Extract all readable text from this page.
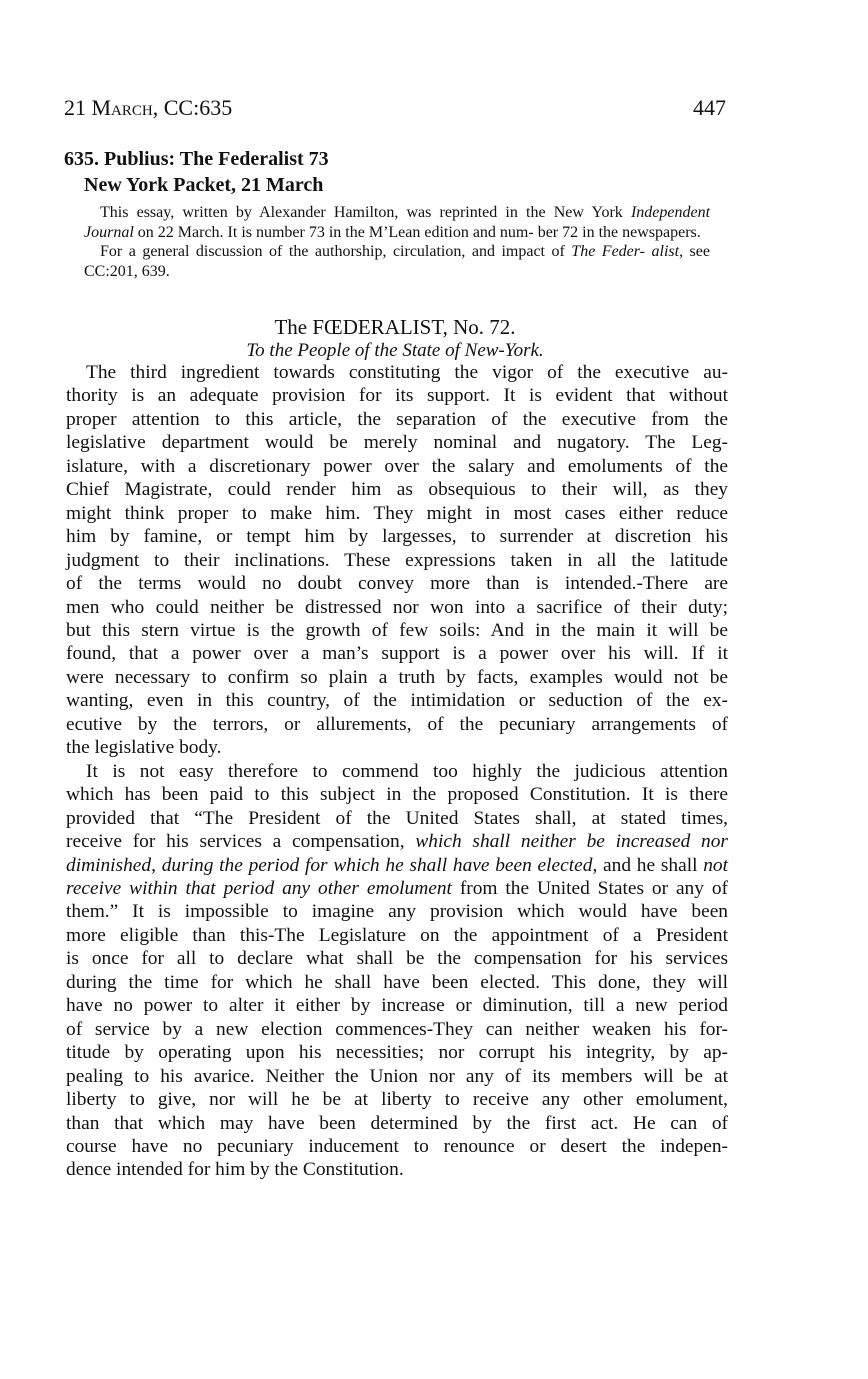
21 March, CC:635	447
635. Publius: The Federalist 73
New York Packet, 21 March

This essay, written by Alexander Hamilton, was reprinted in the New York Independent Journal on 22 March. It is number 73 in the M’Lean edition and num- ber 72 in the newspapers.

For a general discussion of the authorship, circulation, and impact of The Feder- alist, see CC:201, 639.

The FŒDERALIST, No. 72.
To the People of the State of New-York.

The third ingredient towards constituting the vigor of the executive au-
thority is an adequate provision for its support. It is evident that without
proper attention to this article, the separation of the executive from the
legislative department would be merely nominal and nugatory. The Leg-
islature, with a discretionary power over the salary and emoluments of the
Chief Magistrate, could render him as obsequious to their will, as they
might think proper to make him. They might in most cases either reduce
him by famine, or tempt him by largesses, to surrender at discretion his
judgment to their inclinations. These expressions taken in all the latitude
of the terms would no doubt convey more than is intended.-There are
men who could neither be distressed nor won into a sacrifice of their duty;
but this stern virtue is the growth of few soils: And in the main it will be
found, that a power over a man’s support is a power over his will. If it
were necessary to confirm so plain a truth by facts, examples would not be
wanting, even in this country, of the intimidation or seduction of the ex-
ecutive by the terrors, or allurements, of the pecuniary arrangements of
the legislative body.

It is not easy therefore to commend too highly the judicious attention
which has been paid to this subject in the proposed Constitution. It is there
provided that “The President of the United States shall, at stated times,
receive for his services a compensation, which shall neither be increased nor
diminished, during the period for which he shall have been elected, and he shall not
receive within that period any other emolument from the United States or any of
them.” It is impossible to imagine any provision which would have been
more eligible than this-The Legislature on the appointment of a President
is once for all to declare what shall be the compensation for his services
during the time for which he shall have been elected. This done, they will
have no power to alter it either by increase or diminution, till a new period
of service by a new election commences-They can neither weaken his for-
titude by operating upon his necessities; nor corrupt his integrity, by ap-
pealing to his avarice. Neither the Union nor any of its members will be at
liberty to give, nor will he be at liberty to receive any other emolument,
than that which may have been determined by the first act. He can of
course have no pecuniary inducement to renounce or desert the indepen-
dence intended for him by the Constitution.
